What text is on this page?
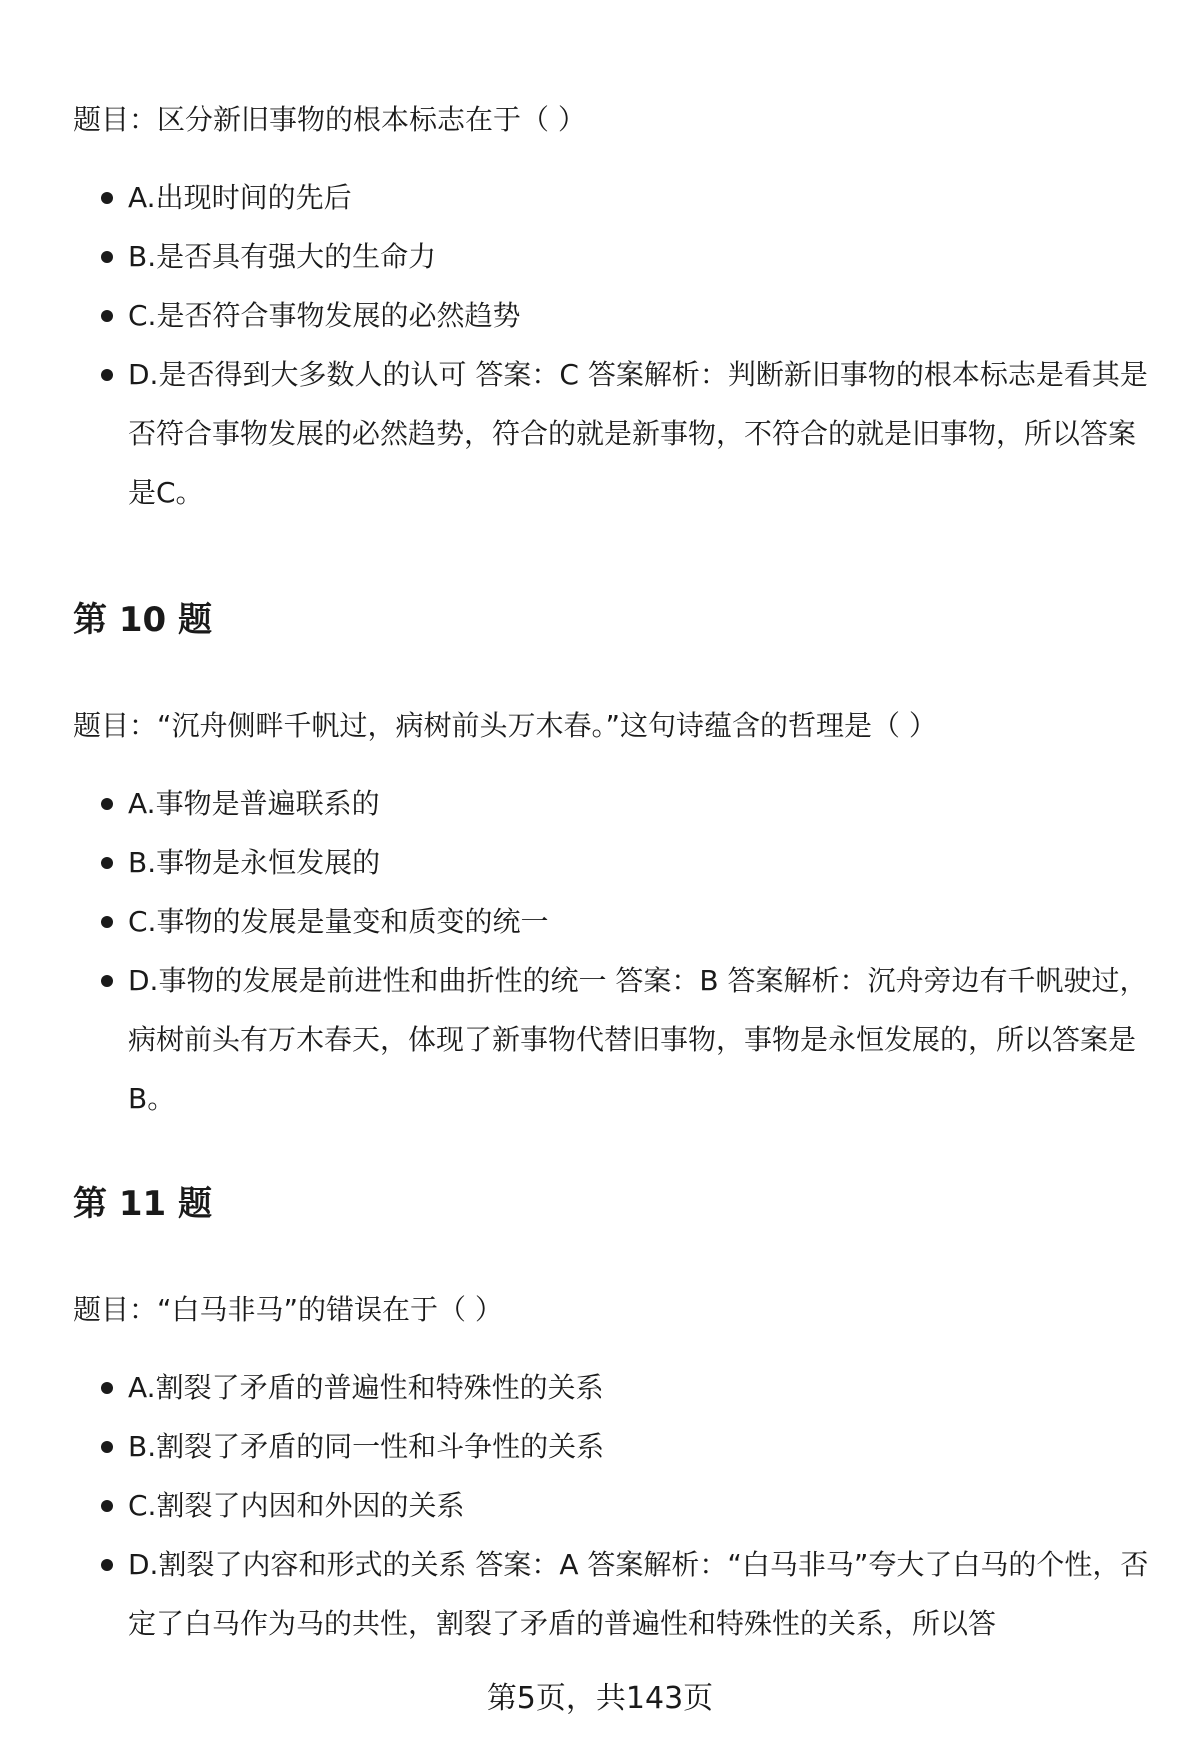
题目：区分新旧事物的根本标志在于（ ）

A.出现时间的先后
B.是否具有强大的生命力
C.是否符合事物发展的必然趋势
D.是否得到大多数人的认可 答案：C 答案解析：判断新旧事物的根本标志是看其是否符合事物发展的必然趋势，符合的就是新事物，不符合的就是旧事物，所以答案是C。
第 10 题

题目：“沉舟侧畔千帆过，病树前头万木春。”这句诗蕴含的哲理是（ ）

A.事物是普遍联系的
B.事物是永恒发展的
C.事物的发展是量变和质变的统一
D.事物的发展是前进性和曲折性的统一 答案：B 答案解析：沉舟旁边有千帆驶过，病树前头有万木春天，体现了新事物代替旧事物，事物是永恒发展的，所以答案是B。
第 11 题

题目：“白马非马”的错误在于（ ）

A.割裂了矛盾的普遍性和特殊性的关系
B.割裂了矛盾的同一性和斗争性的关系
C.割裂了内因和外因的关系
D.割裂了内容和形式的关系 答案：A 答案解析：“白马非马”夸大了白马的个性，否定了白马作为马的共性，割裂了矛盾的普遍性和特殊性的关系，所以答
第5页，共143页
